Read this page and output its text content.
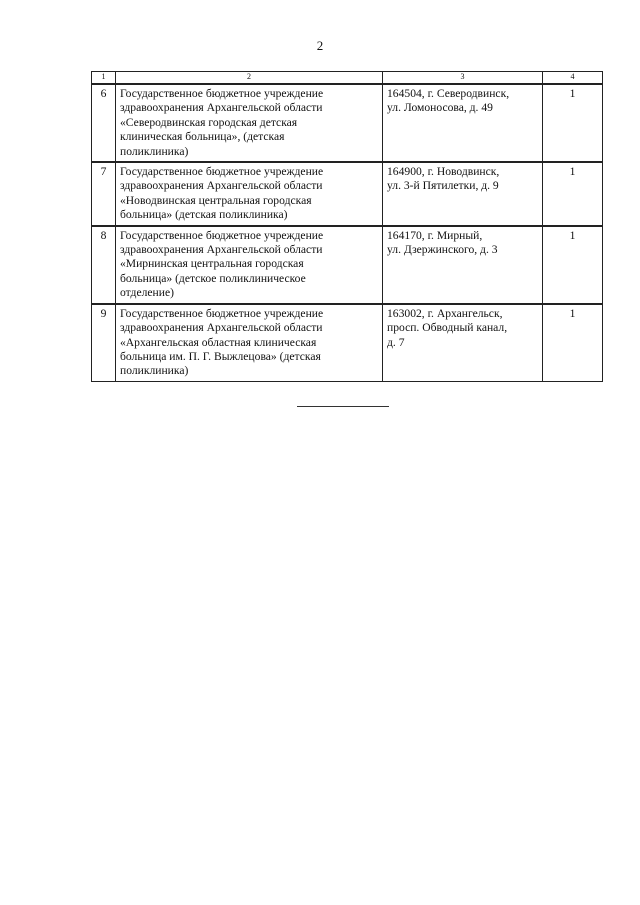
2
1	2	3	4
6	Государственное бюджетное учреждение
здравоохранения Архангельской области
«Северодвинская городская детская
клиническая больница», (детская
поликлиника)	164504, г. Северодвинск,
ул. Ломоносова, д. 49	1
7	Государственное бюджетное учреждение
здравоохранения Архангельской области
«Новодвинская центральная городская
больница» (детская поликлиника)	164900, г. Новодвинск,
ул. 3-й Пятилетки, д. 9	1
8	Государственное бюджетное учреждение
здравоохранения Архангельской области
«Мирнинская центральная городская
больница» (детское поликлиническое
отделение)	164170, г. Мирный,
ул. Дзержинского, д. 3	1
9	Государственное бюджетное учреждение
здравоохранения Архангельской области
«Архангельская областная клиническая
больница им. П. Г. Выжлецова» (детская
поликлиника)	163002, г. Архангельск,
просп. Обводный канал,
д. 7	1
